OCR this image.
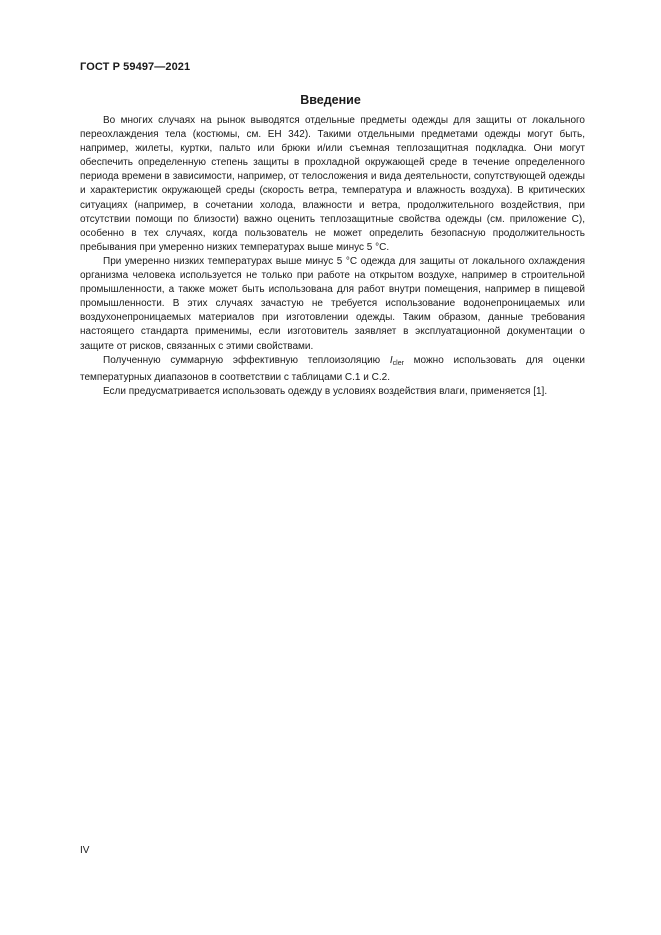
ГОСТ Р 59497—2021
Введение

Во многих случаях на рынок выводятся отдельные предметы одежды для защиты от локального переохлаждения тела (костюмы, см. ЕН 342). Такими отдельными предметами одежды могут быть, например, жилеты, куртки, пальто или брюки и/или съемная теплозащитная подкладка. Они могут обеспечить определенную степень защиты в прохладной окружающей среде в течение определенного периода времени в зависимости, например, от телосложения и вида деятельности, сопутствующей одежды и характеристик окружающей среды (скорость ветра, температура и влажность воздуха). В критических ситуациях (например, в сочетании холода, влажности и ветра, продолжительного воздействия, при отсутствии помощи по близости) важно оценить теплозащитные свойства одежды (см. приложение С), особенно в тех случаях, когда пользователь не может определить безопасную продолжительность пребывания при умеренно низких температурах выше минус 5 °С.

При умеренно низких температурах выше минус 5 °С одежда для защиты от локального охлаждения организма человека используется не только при работе на открытом воздухе, например в строительной промышленности, а также может быть использована для работ внутри помещения, например в пищевой промышленности. В этих случаях зачастую не требуется использование водонепроницаемых или воздухонепроницаемых материалов при изготовлении одежды. Таким образом, данные требования настоящего стандарта применимы, если изготовитель заявляет в эксплуатационной документации о защите от рисков, связанных с этими свойствами.

Полученную суммарную эффективную теплоизоляцию $I_{cler}$ можно использовать для оценки температурных диапазонов в соответствии с таблицами С.1 и С.2.

Если предусматривается использовать одежду в условиях воздействия влаги, применяется [1].

IV
